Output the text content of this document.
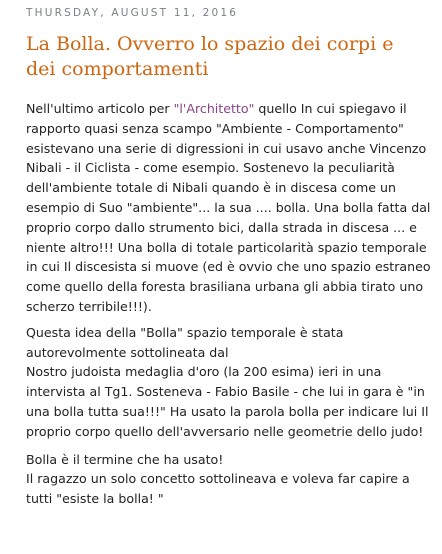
THURSDAY, AUGUST 11, 2016
La Bolla. Ovverro lo spazio dei corpi e dei comportamenti

Nell'ultimo articolo per "l'Architetto" quello In cui spiegavo il rapporto quasi senza scampo "Ambiente - Comportamento" esistevano una serie di digressioni in cui usavo anche Vincenzo Nibali - il Ciclista - come esempio. Sostenevo la peculiarità dell'ambiente totale di Nibali quando è in discesa come un esempio di Suo "ambiente"... la sua .... bolla. Una bolla fatta dal proprio corpo dallo strumento bici, dalla strada in discesa ... e niente altro!!! Una bolla di totale particolarità spazio temporale in cui Il discesista si muove (ed è ovvio che uno spazio estraneo come quello della foresta brasiliana urbana gli abbia tirato uno scherzo terribile!!!).

Questa idea della "Bolla" spazio temporale è stata autorevolmente sottolineata dal
Nostro judoista medaglia d'oro (la 200 esima) ieri in una intervista al Tg1. Sosteneva - Fabio Basile - che lui in gara è "in una bolla tutta sua!!!" Ha usato la parola bolla per indicare lui Il proprio corpo quello dell'avversario nelle geometrie dello judo!

Bolla è il termine che ha usato!
Il ragazzo un solo concetto sottolineava e voleva far capire a tutti "esiste la bolla! "
